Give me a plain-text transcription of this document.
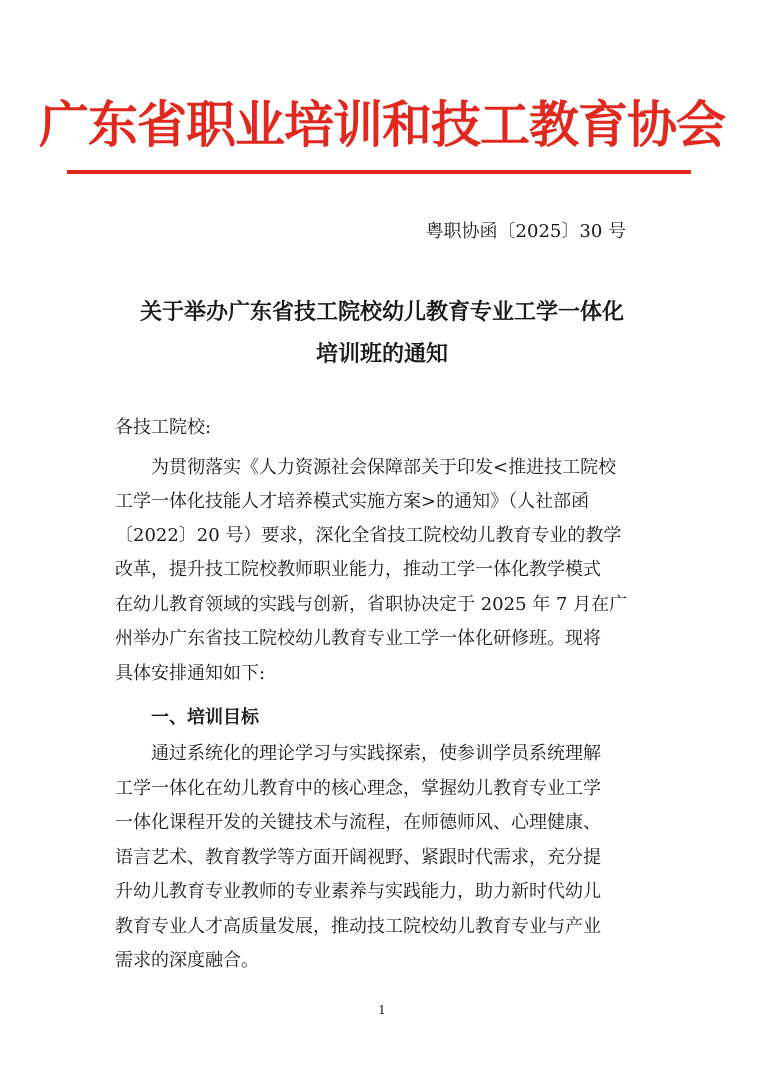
广东省职业培训和技工教育协会
粤职协函〔2025〕30 号
关于举办广东省技工院校幼儿教育专业工学一体化
培训班的通知
各技工院校:
为贯彻落实《人力资源社会保障部关于印发<推进技工院校
工学一体化技能人才培养模式实施方案>的通知》（人社部函
〔2022〕20 号）要求，深化全省技工院校幼儿教育专业的教学
改革，提升技工院校教师职业能力，推动工学一体化教学模式
在幼儿教育领域的实践与创新，省职协决定于 2025 年 7 月在广
州举办广东省技工院校幼儿教育专业工学一体化研修班。现将
具体安排通知如下:
一、培训目标
通过系统化的理论学习与实践探索，使参训学员系统理解
工学一体化在幼儿教育中的核心理念，掌握幼儿教育专业工学
一体化课程开发的关键技术与流程，在师德师风、心理健康、
语言艺术、教育教学等方面开阔视野、紧跟时代需求，充分提
升幼儿教育专业教师的专业素养与实践能力，助力新时代幼儿
教育专业人才高质量发展，推动技工院校幼儿教育专业与产业
需求的深度融合。
1
